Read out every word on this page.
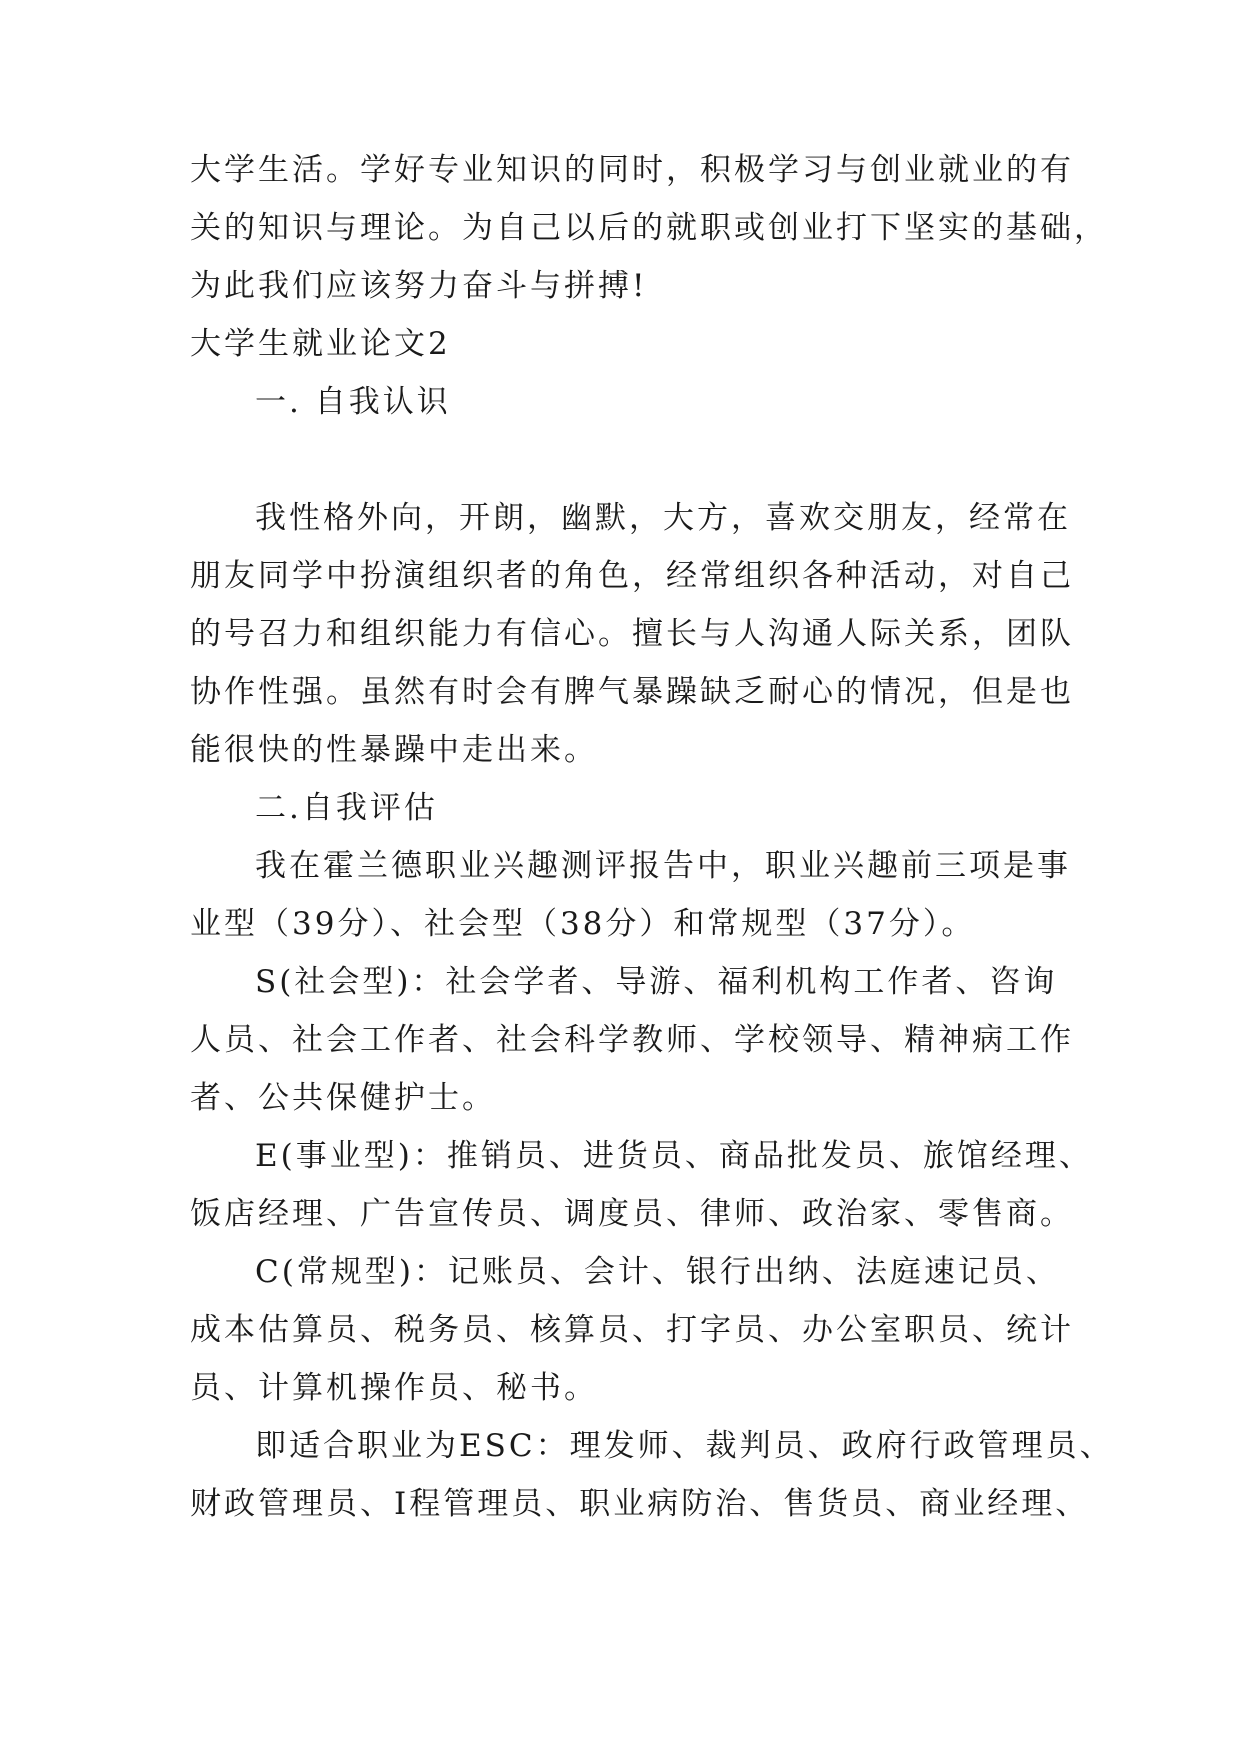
大学生活。学好专业知识的同时，积极学习与创业就业的有
关的知识与理论。为自己以后的就职或创业打下坚实的基础，
为此我们应该努力奋斗与拼搏!
大学生就业论文2
一. 自我认识
我性格外向，开朗，幽默，大方，喜欢交朋友，经常在
朋友同学中扮演组织者的角色，经常组织各种活动，对自己
的号召力和组织能力有信心。擅长与人沟通人际关系，团队
协作性强。虽然有时会有脾气暴躁缺乏耐心的情况，但是也
能很快的性暴躁中走出来。
二.自我评估
我在霍兰德职业兴趣测评报告中，职业兴趣前三项是事
业型（39分）、社会型（38分）和常规型（37分）。
S(社会型)：社会学者、导游、福利机构工作者、咨询
人员、社会工作者、社会科学教师、学校领导、精神病工作
者、公共保健护士。
E(事业型)：推销员、进货员、商品批发员、旅馆经理、
饭店经理、广告宣传员、调度员、律师、政治家、零售商。
C(常规型)：记账员、会计、银行出纳、法庭速记员、
成本估算员、税务员、核算员、打字员、办公室职员、统计
员、计算机操作员、秘书。
即适合职业为ESC：理发师、裁判员、政府行政管理员、
财政管理员、I程管理员、职业病防治、售货员、商业经理、
